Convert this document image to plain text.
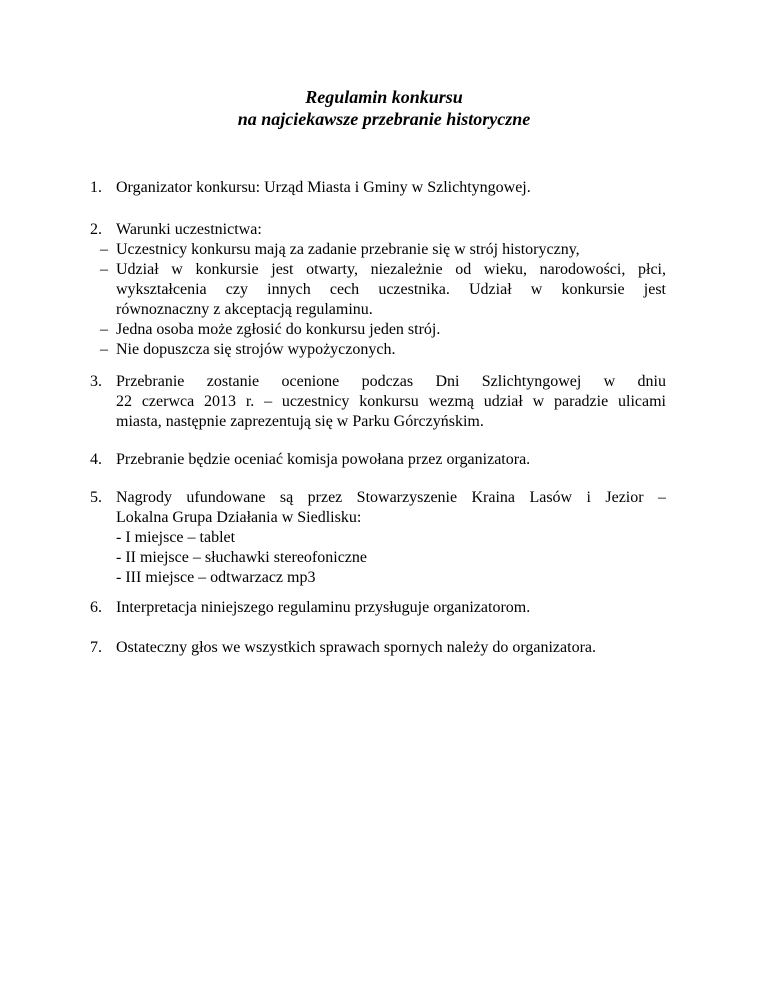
Regulamin konkursu
na najciekawsze przebranie historyczne
1. Organizator konkursu: Urząd Miasta i Gminy w Szlichtyngowej.
2. Warunki uczestnictwa:
– Uczestnicy konkursu mają za zadanie przebranie się w strój historyczny,
– Udział w konkursie jest otwarty, niezależnie od wieku, narodowości, płci,
wykształcenia czy innych cech uczestnika. Udział w konkursie jest
równoznaczny z akceptacją regulaminu.
– Jedna osoba może zgłosić do konkursu jeden strój.
– Nie dopuszcza się strojów wypożyczonych.
3. Przebranie zostanie ocenione podczas Dni Szlichtyngowej w dniu
22 czerwca 2013 r. – uczestnicy konkursu wezmą udział w paradzie ulicami
miasta, następnie zaprezentują się w Parku Górczyńskim.
4. Przebranie będzie oceniać komisja powołana przez organizatora.
5. Nagrody ufundowane są przez Stowarzyszenie Kraina Lasów i Jezior –
Lokalna Grupa Działania w Siedlisku:
- I miejsce – tablet
- II miejsce – słuchawki stereofoniczne
- III miejsce – odtwarzacz mp3
6. Interpretacja niniejszego regulaminu przysługuje organizatorom.
7. Ostateczny głos we wszystkich sprawach spornych należy do organizatora.
